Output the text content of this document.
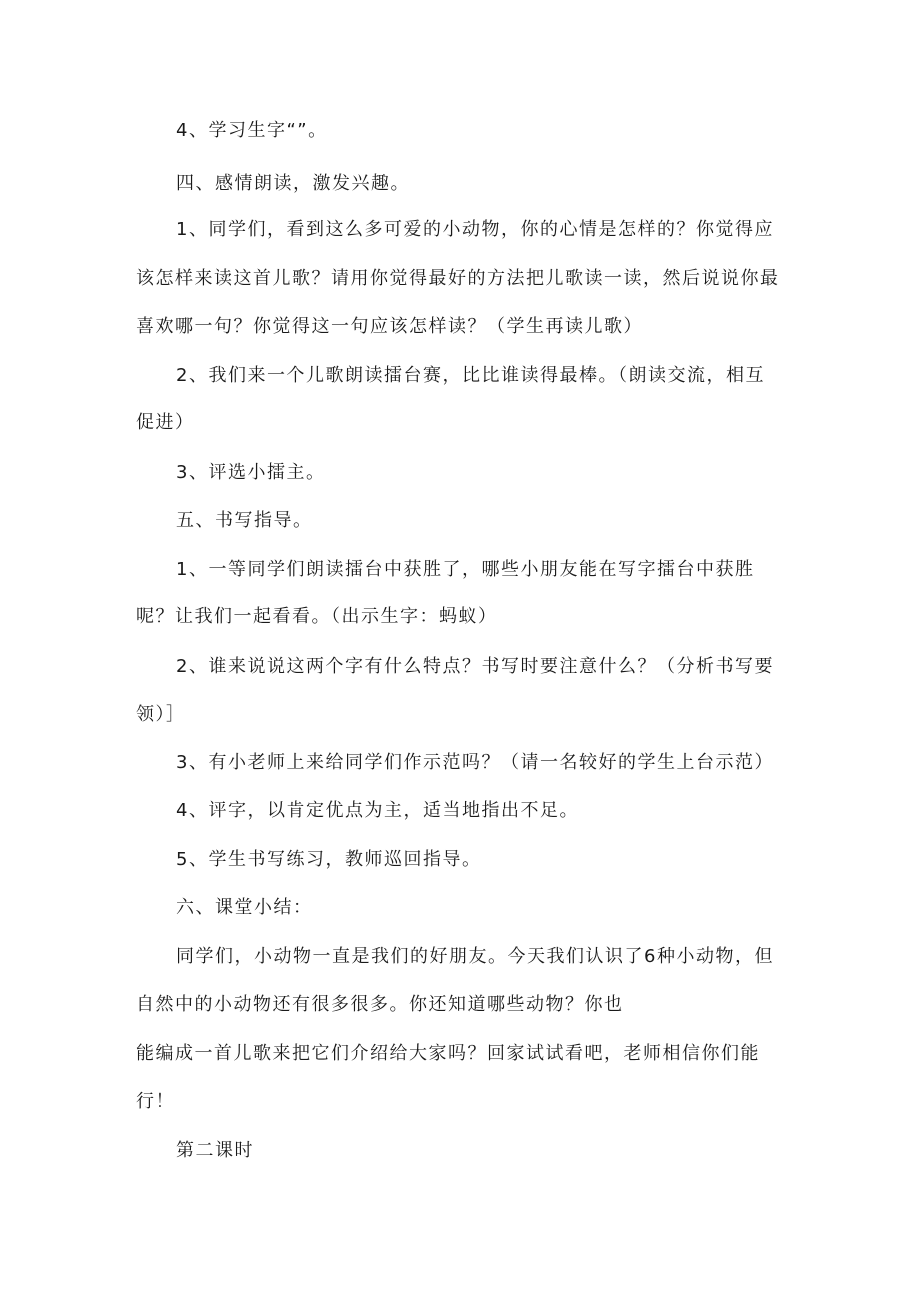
4、学习生字“”。
四、感情朗读，激发兴趣。
1、同学们，看到这么多可爱的小动物，你的心情是怎样的？你觉得应
该怎样来读这首儿歌？请用你觉得最好的方法把儿歌读一读，然后说说你最
喜欢哪一句？你觉得这一句应该怎样读？（学生再读儿歌）
2、我们来一个儿歌朗读擂台赛，比比谁读得最棒。（朗读交流，相互
促进）
3、评选小擂主。
五、书写指导。
1、一等同学们朗读擂台中获胜了，哪些小朋友能在写字擂台中获胜
呢？让我们一起看看。（出示生字：蚂蚁）
2、谁来说说这两个字有什么特点？书写时要注意什么？（分析书写要
领）］
3、有小老师上来给同学们作示范吗？（请一名较好的学生上台示范）
4、评字，以肯定优点为主，适当地指出不足。
5、学生书写练习，教师巡回指导。
六、课堂小结：
同学们，小动物一直是我们的好朋友。今天我们认识了6种小动物，但
自然中的小动物还有很多很多。你还知道哪些动物？你也
能编成一首儿歌来把它们介绍给大家吗？回家试试看吧，老师相信你们能
行！
第二课时
